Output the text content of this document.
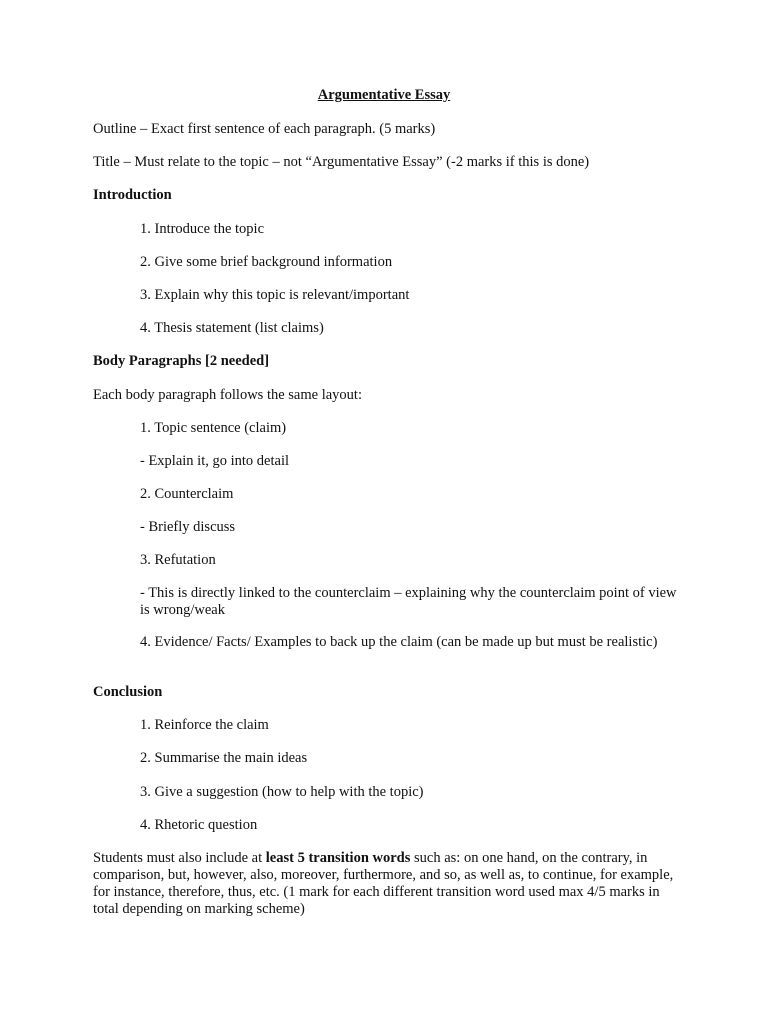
Argumentative Essay
Outline – Exact first sentence of each paragraph. (5 marks)
Title – Must relate to the topic – not “Argumentative Essay” (-2 marks if this is done)
Introduction
1. Introduce the topic
2. Give some brief background information
3. Explain why this topic is relevant/important
4. Thesis statement (list claims)
Body Paragraphs [2 needed]
Each body paragraph follows the same layout:
1. Topic sentence (claim)
- Explain it, go into detail
2. Counterclaim
- Briefly discuss
3. Refutation
- This is directly linked to the counterclaim – explaining why the counterclaim point of view is wrong/weak
4. Evidence/ Facts/ Examples to back up the claim (can be made up but must be realistic)
Conclusion
1. Reinforce the claim
2. Summarise the main ideas
3. Give a suggestion (how to help with the topic)
4. Rhetoric question
Students must also include at least 5 transition words such as: on one hand, on the contrary, in comparison, but, however, also, moreover, furthermore, and so, as well as, to continue, for example, for instance, therefore, thus, etc. (1 mark for each different transition word used max 4/5 marks in total depending on marking scheme)
